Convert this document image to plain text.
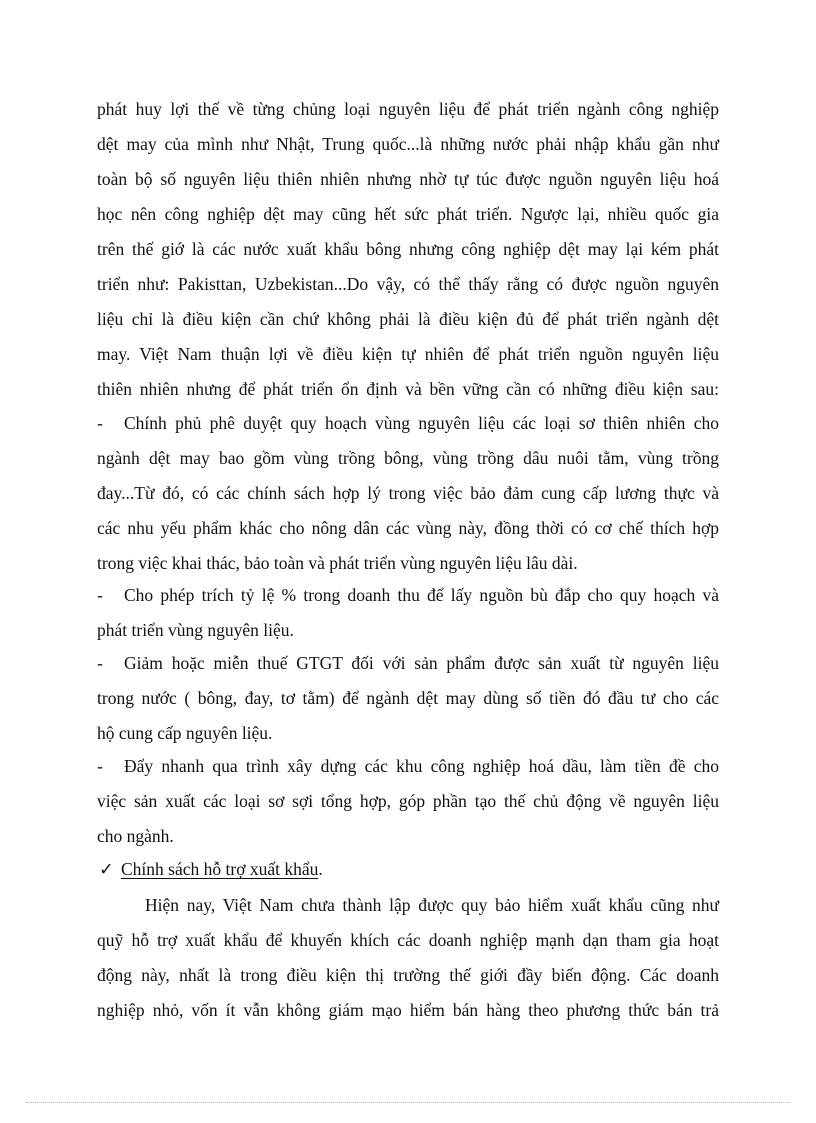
phát huy lợi thế về từng chủng loại nguyên liệu để phát triển ngành công nghiệp
dệt may của mình như Nhật, Trung quốc...là những nước phải nhập khẩu gần như
toàn bộ số nguyên liệu thiên nhiên nhưng nhờ tự túc được nguồn nguyên liệu hoá
học nên công nghiệp dệt may cũng hết sức phát triển. Ngược lại, nhiều quốc gia
trên thế giớ là các nước xuất khẩu bông nhưng công nghiệp dệt may lại kém phát
triển như: Pakisttan, Uzbekistan...Do vậy, có thể thấy rằng có được nguồn nguyên
liệu chỉ là điều kiện cần chứ không phải là điều kiện đủ để phát triển ngành dệt
may. Việt Nam thuận lợi về điều kiện tự nhiên để phát triển nguồn nguyên liệu
thiên nhiên nhưng để phát triển ổn định và bền vững cần có những điều kiện sau:
- Chính phủ phê duyệt quy hoạch vùng nguyên liệu các loại sơ thiên nhiên cho
ngành dệt may bao gồm vùng trồng bông, vùng trồng dâu nuôi tằm, vùng trồng
đay...Từ đó, có các chính sách hợp lý trong việc bảo đảm cung cấp lương thực và
các nhu yếu phẩm khác cho nông dân các vùng này, đồng thời có cơ chế thích hợp
trong việc khai thác, bảo toàn và phát triển vùng nguyên liệu lâu dài.
- Cho phép trích tỷ lệ % trong doanh thu để lấy nguồn bù đắp cho quy hoạch và
phát triển vùng nguyên liệu.
- Giảm hoặc miễn thuế GTGT đối với sản phẩm được sản xuất từ nguyên liệu
trong nước ( bông, đay, tơ tằm) để ngành dệt may dùng số tiền đó đầu tư cho các
hộ cung cấp nguyên liệu.
- Đẩy nhanh qua trình xây dựng các khu công nghiệp hoá dầu, làm tiền đề cho
việc sản xuất các loại sơ sợi tổng hợp, góp phần tạo thế chủ động về nguyên liệu
cho ngành.
✓ Chính sách hỗ trợ xuất khẩu.
Hiện nay, Việt Nam chưa thành lập được quy bảo hiểm xuất khẩu cũng như
quỹ hỗ trợ xuất khẩu để khuyến khích các doanh nghiệp mạnh dạn tham gia hoạt
động này, nhất là trong điều kiện thị trường thế giới đầy biến động. Các doanh
nghiệp nhỏ, vốn ít vẫn không giám mạo hiểm bán hàng theo phương thức bán trả
